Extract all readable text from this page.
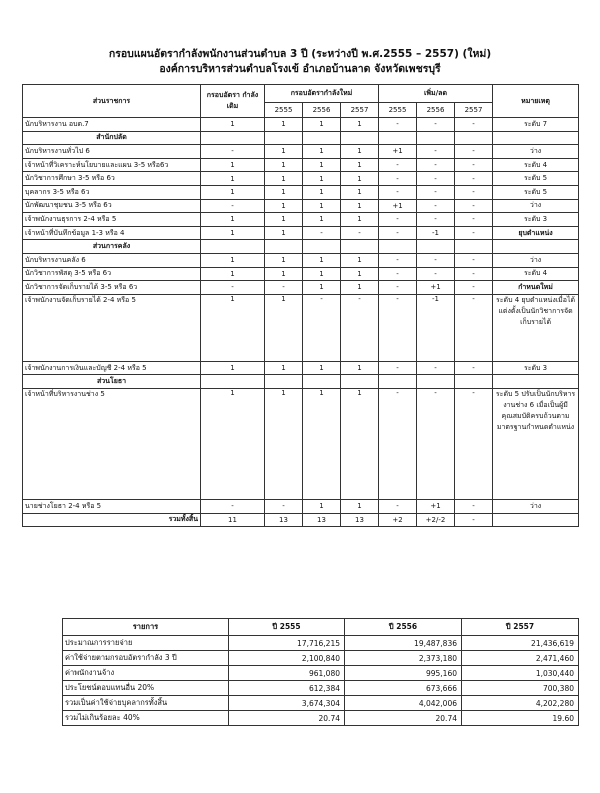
กรอบแผนอัตรากำลังพนักงานส่วนตำบล 3 ปี (ระหว่างปี พ.ศ.2555 – 2557) (ใหม่)
องค์การบริหารส่วนตำบลโรงเข้ อำเภอบ้านลาด จังหวัดเพชรบุรี
ส่วนราชการ	กรอบอัตรา กำลังเดิม	กรอบอัตรากำลังใหม่			เพิ่ม/ลด			หมายเหตุ
		2555	2556	2557	2555	2556	2557	
นักบริหารงาน อบต.7	1	1	1	1	-	-	-	ระดับ 7
สำนักปลัด								
นักบริหารงานทั่วไป 6	-	1	1	1	+1	-	-	ว่าง
เจ้าหน้าที่วิเคราะห์นโยบายและแผน 3-5 หรือ6ว	1	1	1	1	-	-	-	ระดับ 4
นักวิชาการศึกษา 3-5 หรือ 6ว	1	1	1	1	-	-	-	ระดับ 5
บุคลากร 3-5 หรือ 6ว	1	1	1	1	-	-	-	ระดับ 5
นักพัฒนาชุมชน 3-5 หรือ 6ว	-	1	1	1	+1	-	-	ว่าง
เจ้าพนักงานธุรการ 2-4 หรือ 5	1	1	1	1	-	-	-	ระดับ 3
เจ้าหน้าที่บันทึกข้อมูล 1-3 หรือ 4	1	1	-	-	-	-1	-	ยุบตำแหน่ง
ส่วนการคลัง								
นักบริหารงานคลัง 6	1	1	1	1	-	-	-	ว่าง
นักวิชาการพัสดุ 3-5 หรือ 6ว	1	1	1	1	-	-	-	ระดับ 4
นักวิชาการจัดเก็บรายได้ 3-5 หรือ 6ว	-	-	1	1	-	+1	-	กำหนดใหม่
เจ้าพนักงานจัดเก็บรายได้ 2-4 หรือ 5	1	1	-	-	-	-1	-	ระดับ 4 ยุบตำแหน่งเมื่อได้แต่งตั้งเป็นนักวิชาการจัดเก็บรายได้
เจ้าพนักงานการเงินและบัญชี 2-4 หรือ 5	1	1	1	1	-	-	-	ระดับ 3
ส่วนโยธา								
เจ้าหน้าที่บริหารงานช่าง 5	1	1	1	1	-	-	-	ระดับ 5 ปรับเป็นนักบริหารงานช่าง 6 เมื่อเป็นผู้มีคุณสมบัติครบถ้วนตามมาตรฐานกำหนดตำแหน่ง
นายช่างโยธา 2-4 หรือ 5	-	-	1	1	-	+1	-	ว่าง
รวมทั้งสิ้น	11	13	13	13	+2	+2/-2	-	
รายการ	ปี 2555	ปี 2556	ปี 2557
ประมาณการรายจ่าย	17,716,215	19,487,836	21,436,619
ค่าใช้จ่ายตามกรอบอัตรากำลัง 3 ปี	2,100,840	2,373,180	2,471,460
ค่าพนักงานจ้าง	961,080	995,160	1,030,440
ประโยชน์ตอบแทนอื่น 20%	612,384	673,666	700,380
รวมเป็นค่าใช้จ่ายบุคลากรทั้งสิ้น	3,674,304	4,042,006	4,202,280
รวมไม่เกินร้อยละ 40%	20.74	20.74	19.60
